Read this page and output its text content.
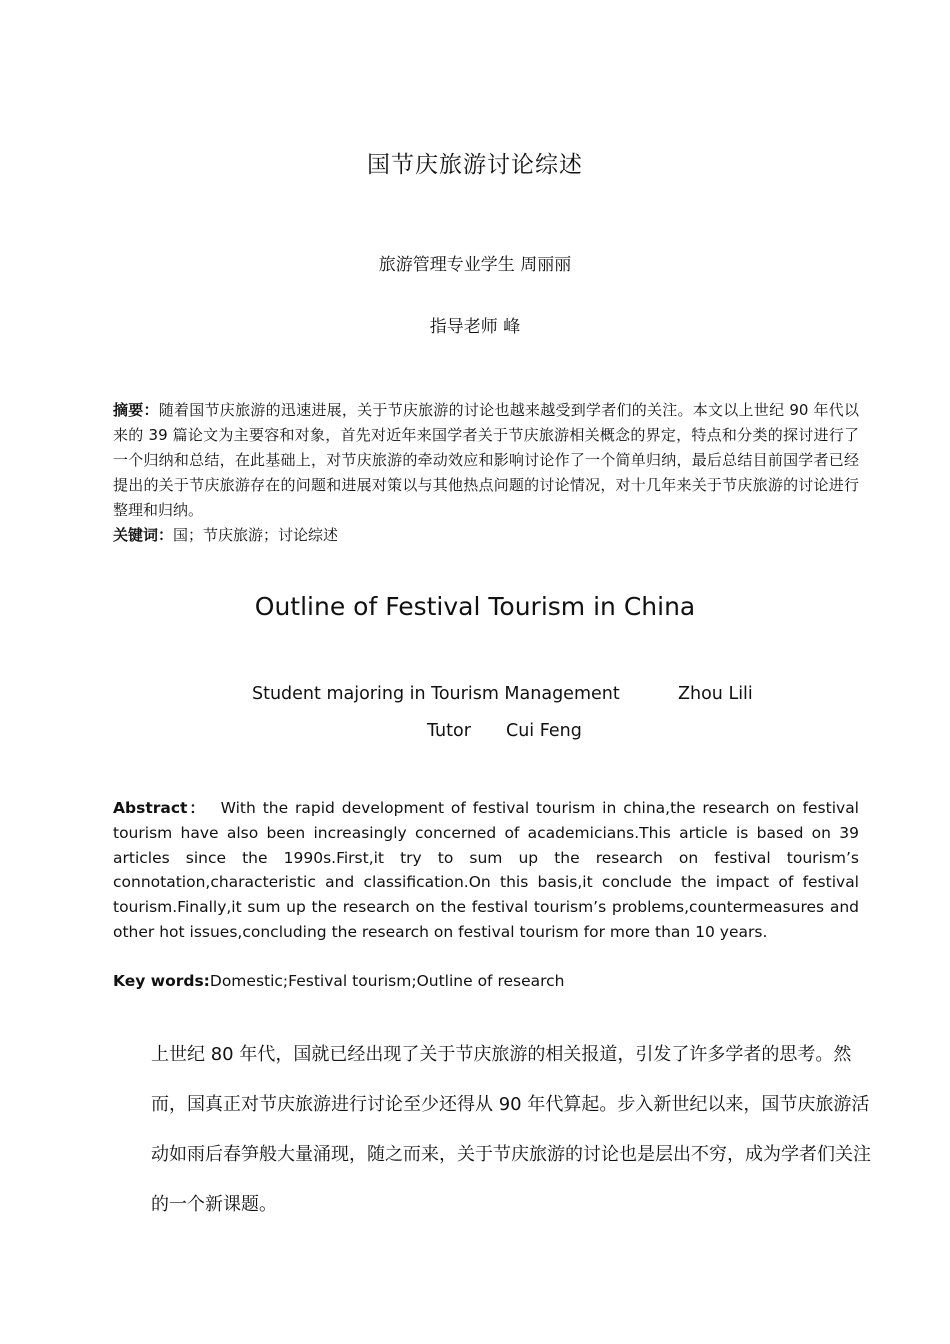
国节庆旅游讨论综述
旅游管理专业学生 周丽丽
指导老师 峰
摘要：随着国节庆旅游的迅速进展，关于节庆旅游的讨论也越来越受到学者们的关注。本文以上世纪 90 年代以来的 39 篇论文为主要容和对象，首先对近年来国学者关于节庆旅游相关概念的界定，特点和分类的探讨进行了一个归纳和总结，在此基础上，对节庆旅游的牵动效应和影响讨论作了一个简单归纳，最后总结目前国学者已经提出的关于节庆旅游存在的问题和进展对策以与其他热点问题的讨论情况，对十几年来关于节庆旅游的讨论进行整理和归纳。
关键词：国；节庆旅游；讨论综述
Outline of Festival Tourism in China
Student majoring in Tourism Management	Zhou Lili
Tutor Cui Feng
Abstract： With the rapid development of festival tourism in china,the research on festival tourism have also been increasingly concerned of academicians.This article is based on 39 articles since the 1990s.First,it try to sum up the research on festival tourism’s connotation,characteristic and classification.On this basis,it conclude the impact of festival tourism.Finally,it sum up the research on the festival tourism’s problems,countermeasures and other hot issues,concluding the research on festival tourism for more than 10 years.
Key words:Domestic;Festival tourism;Outline of research
上世纪 80 年代，国就已经出现了关于节庆旅游的相关报道，引发了许多学者的思考。然而，国真正对节庆旅游进行讨论至少还得从 90 年代算起。步入新世纪以来，国节庆旅游活动如雨后春笋般大量涌现，随之而来，关于节庆旅游的讨论也是层出不穷，成为学者们关注的一个新课题。
